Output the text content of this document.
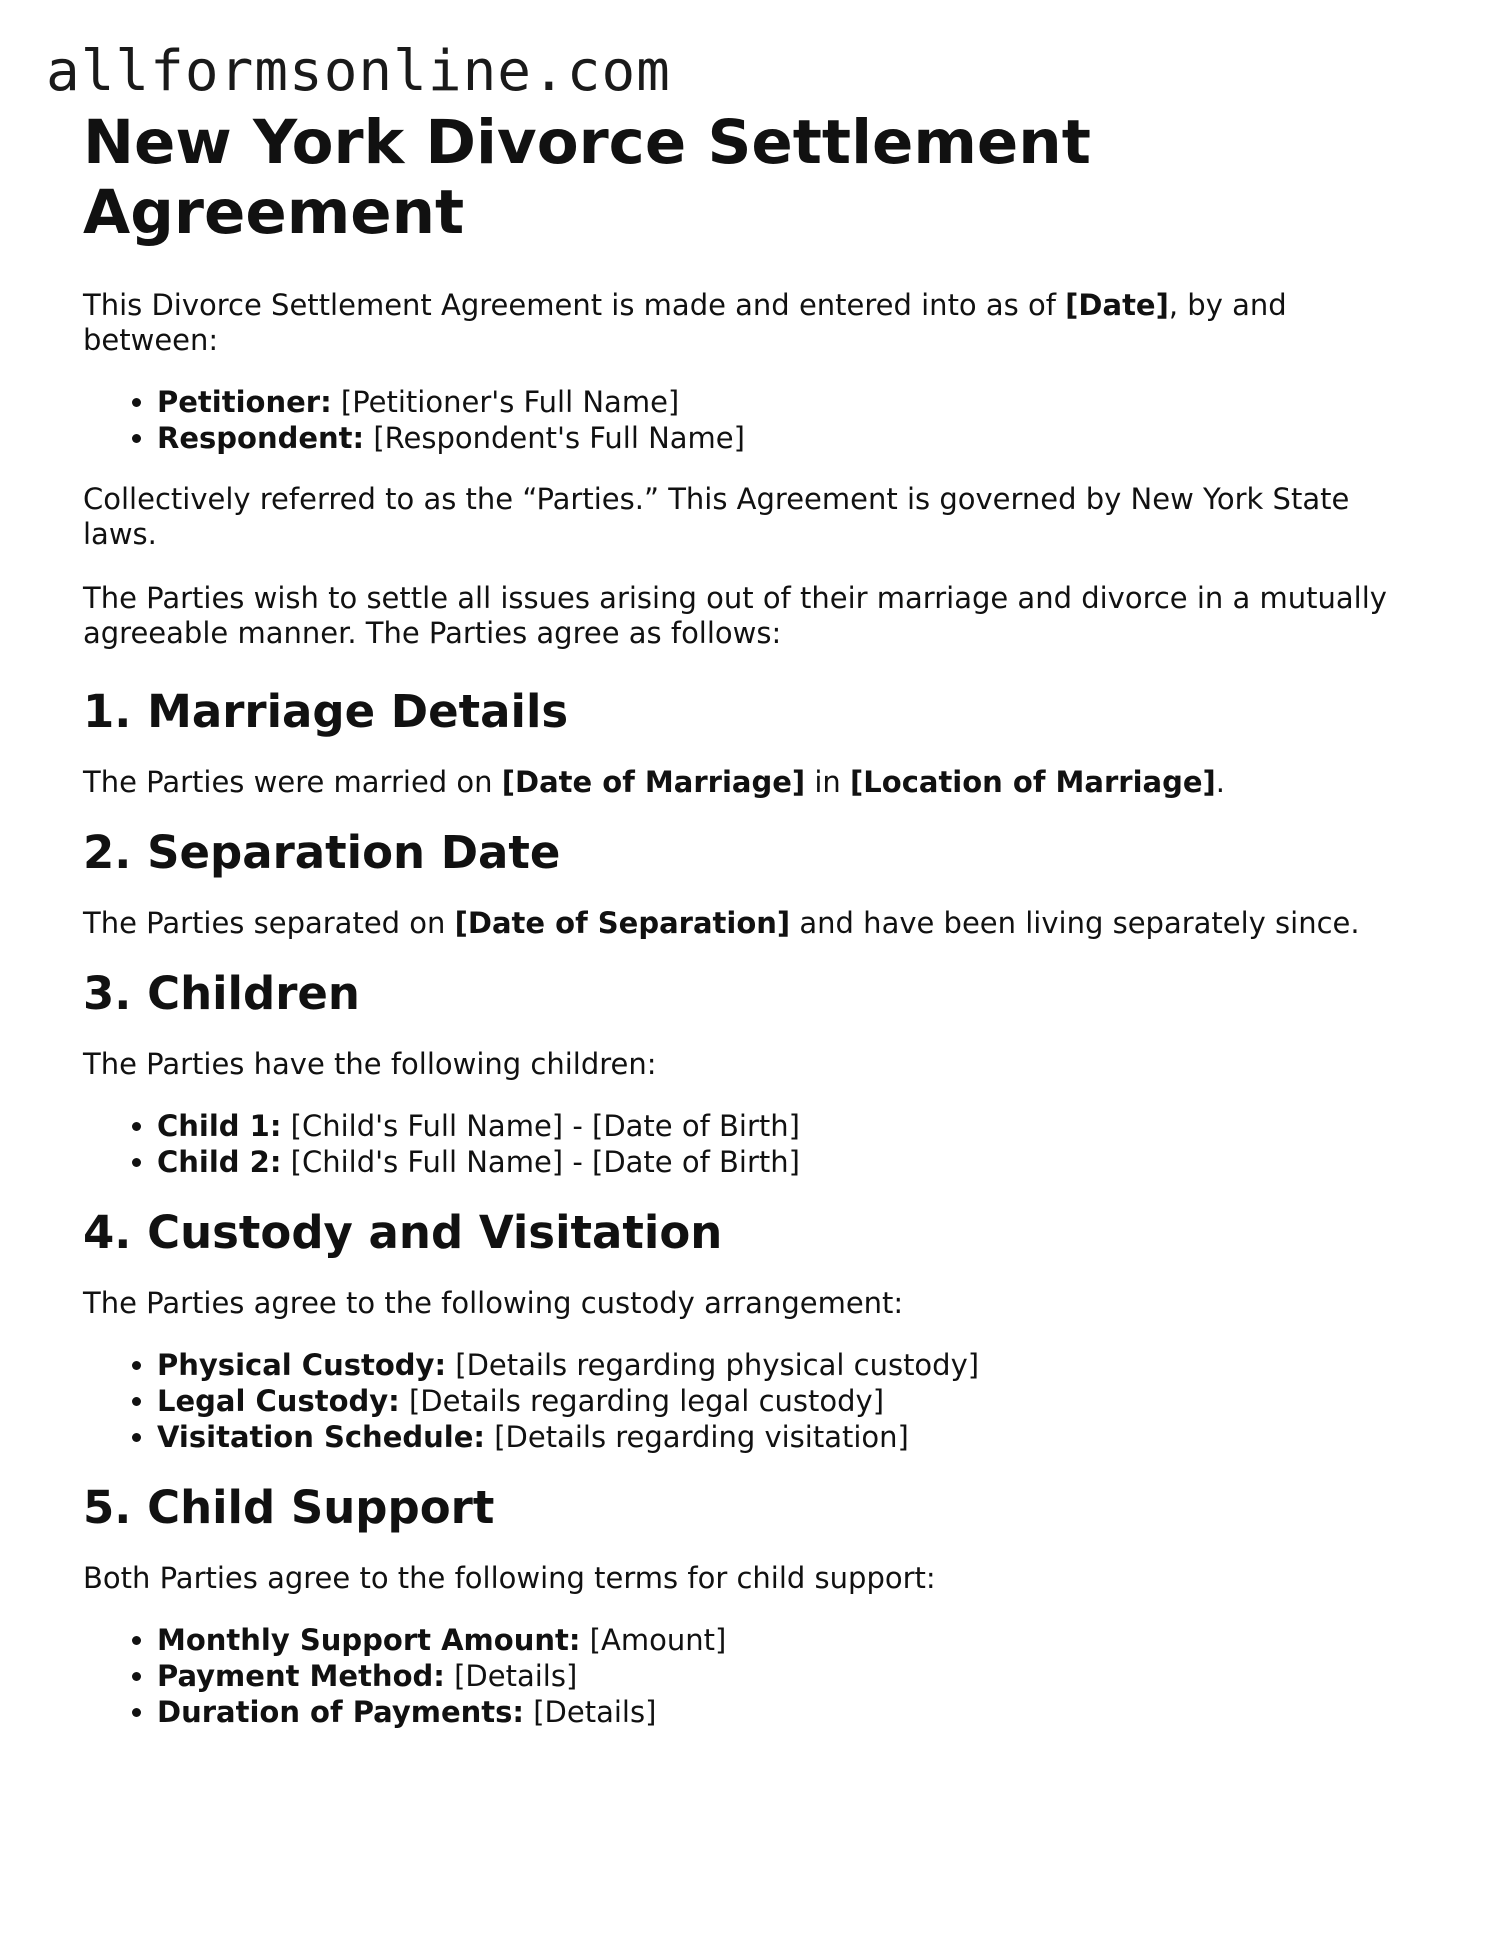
allformsonline.com
New York Divorce Settlement Agreement

This Divorce Settlement Agreement is made and entered into as of [Date], by and between:

• Petitioner: [Petitioner's Full Name]
• Respondent: [Respondent's Full Name]

Collectively referred to as the “Parties.” This Agreement is governed by New York State laws.

The Parties wish to settle all issues arising out of their marriage and divorce in a mutually agreeable manner. The Parties agree as follows:

1. Marriage Details

The Parties were married on [Date of Marriage] in [Location of Marriage].

2. Separation Date

The Parties separated on [Date of Separation] and have been living separately since.

3. Children

The Parties have the following children:

• Child 1: [Child's Full Name] - [Date of Birth]
• Child 2: [Child's Full Name] - [Date of Birth]
4. Custody and Visitation

The Parties agree to the following custody arrangement:

• Physical Custody: [Details regarding physical custody]
• Legal Custody: [Details regarding legal custody]
• Visitation Schedule: [Details regarding visitation]
5. Child Support

Both Parties agree to the following terms for child support:

• Monthly Support Amount: [Amount]
• Payment Method: [Details]
• Duration of Payments: [Details]
